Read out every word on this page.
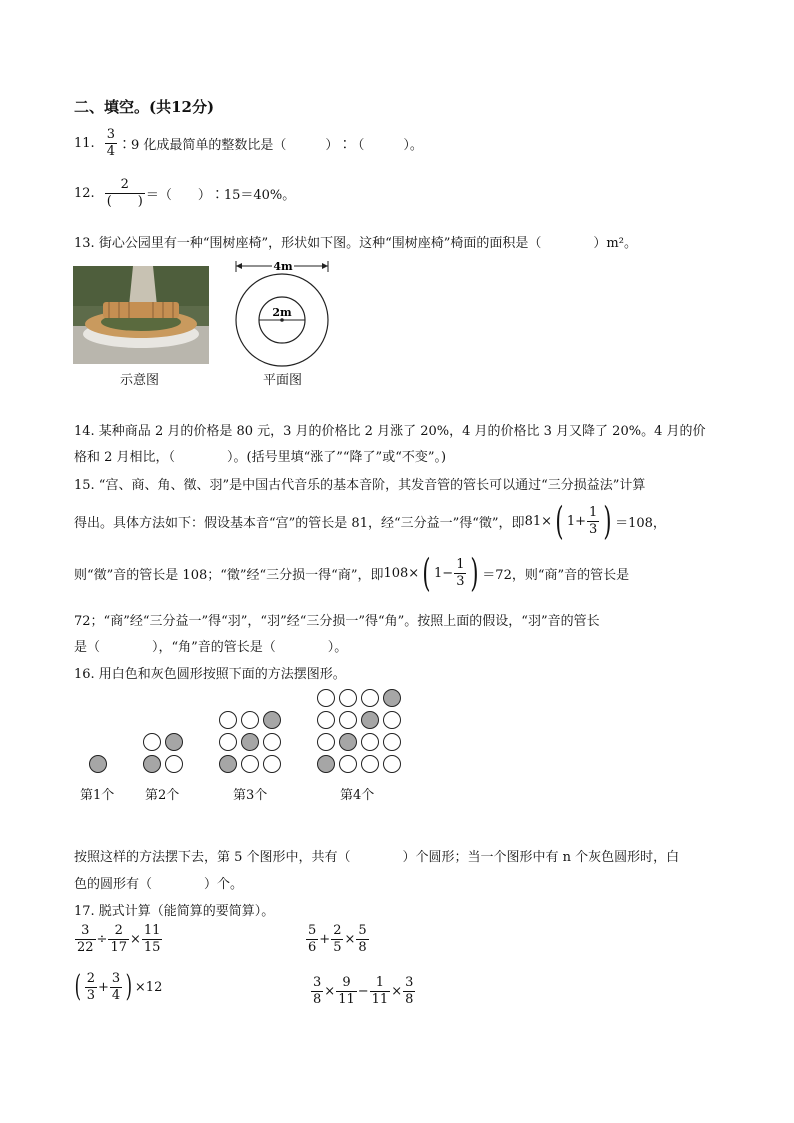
二、填空。(共12分)
11. $\frac{3}{4}$ ∶9 化成最简单的整数比是（　　　）∶（　　　）。
12. $\frac{2}{( )}$ ＝（　　）∶15＝40%。
13. 街心公园里有一种“围树座椅”，形状如下图。这种“围树座椅”椅面的面积是（　　　　）m²。
示意图
4m
2m
平面图
14. 某种商品 2 月的价格是 80 元，3 月的价格比 2 月涨了 20%，4 月的价格比 3 月又降了 20%。4 月的价
格和 2 月相比，（　　　　）。(括号里填“涨了”“降了”或“不变”。)
15. “宫、商、角、徵、羽”是中国古代音乐的基本音阶，其发音管的管长可以通过“三分损益法”计算
得出。具体方法如下：假设基本音“宫”的管长是 81，经“三分益一”得“徵”，即 81× ( $1+ \frac{1}{3}$ ) ＝108，
则“徵”音的管长是 108；“徵”经“三分损一得“商”，即 108× ( $1- \frac{1}{3}$ ) ＝72，则“商”音的管长是
72；“商”经“三分益一”得“羽”，“羽”经“三分损一”得“角”。按照上面的假设，“羽”音的管长
是（　　　　），“角”音的管长是（　　　　）。
16. 用白色和灰色圆形按照下面的方法摆图形。
第1个 第2个	第3个	第4个
按照这样的方法摆下去，第 5 个图形中，共有（　　　　）个圆形；当一个图形中有 n 个灰色圆形时，白
色的圆形有（　　　　）个。
17. 脱式计算（能简算的要简算）。
$\frac{3}{22} \div \frac{2}{17} \times \frac{11}{15}$	$\frac{5}{6} + \frac{2}{5} \times \frac{5}{8}$
( $\frac{2}{3} + \frac{3}{4}$ ) ×12	$\frac{3}{8} \times \frac{9}{11} - \frac{1}{11} \times \frac{3}{8}$
